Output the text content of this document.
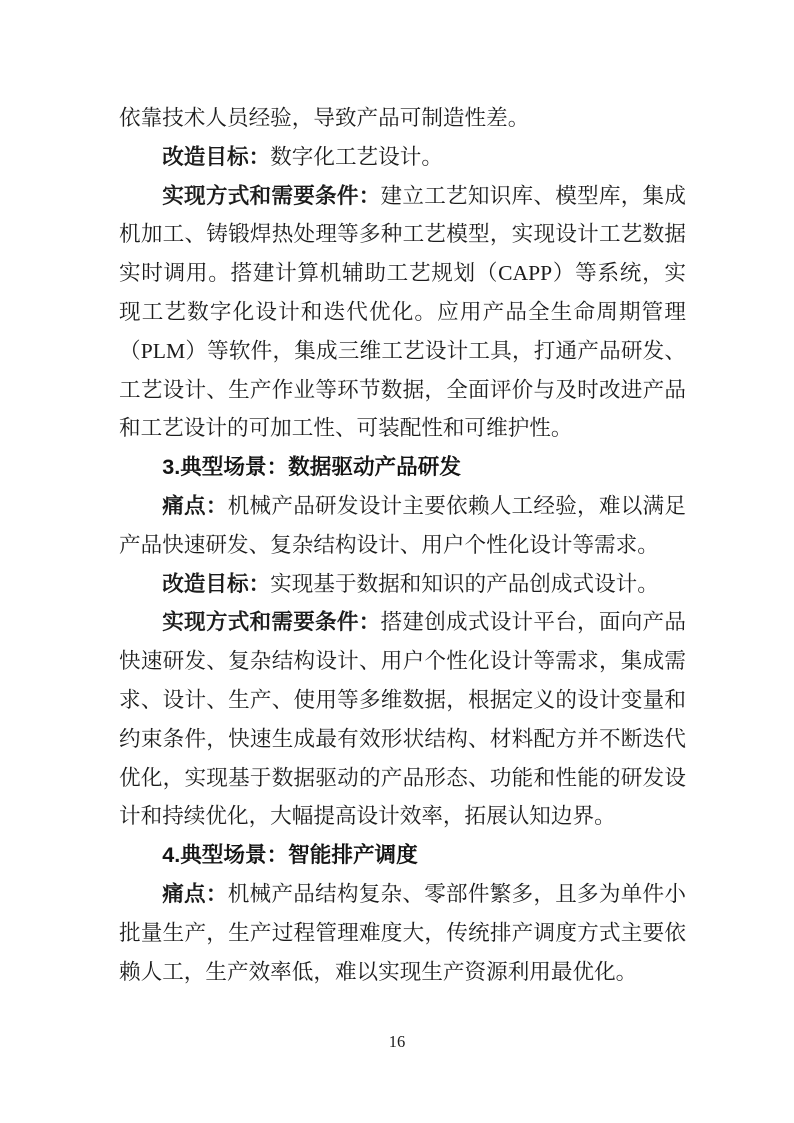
依靠技术人员经验，导致产品可制造性差。

改造目标：数字化工艺设计。

实现方式和需要条件：建立工艺知识库、模型库，集成机加工、铸锻焊热处理等多种工艺模型，实现设计工艺数据实时调用。搭建计算机辅助工艺规划（CAPP）等系统，实现工艺数字化设计和迭代优化。应用产品全生命周期管理（PLM）等软件，集成三维工艺设计工具，打通产品研发、工艺设计、生产作业等环节数据，全面评价与及时改进产品和工艺设计的可加工性、可装配性和可维护性。

3.典型场景：数据驱动产品研发

痛点：机械产品研发设计主要依赖人工经验，难以满足产品快速研发、复杂结构设计、用户个性化设计等需求。

改造目标：实现基于数据和知识的产品创成式设计。

实现方式和需要条件：搭建创成式设计平台，面向产品快速研发、复杂结构设计、用户个性化设计等需求，集成需求、设计、生产、使用等多维数据，根据定义的设计变量和约束条件，快速生成最有效形状结构、材料配方并不断迭代优化，实现基于数据驱动的产品形态、功能和性能的研发设计和持续优化，大幅提高设计效率，拓展认知边界。

4.典型场景：智能排产调度

痛点：机械产品结构复杂、零部件繁多，且多为单件小批量生产，生产过程管理难度大，传统排产调度方式主要依赖人工，生产效率低，难以实现生产资源利用最优化。

16
